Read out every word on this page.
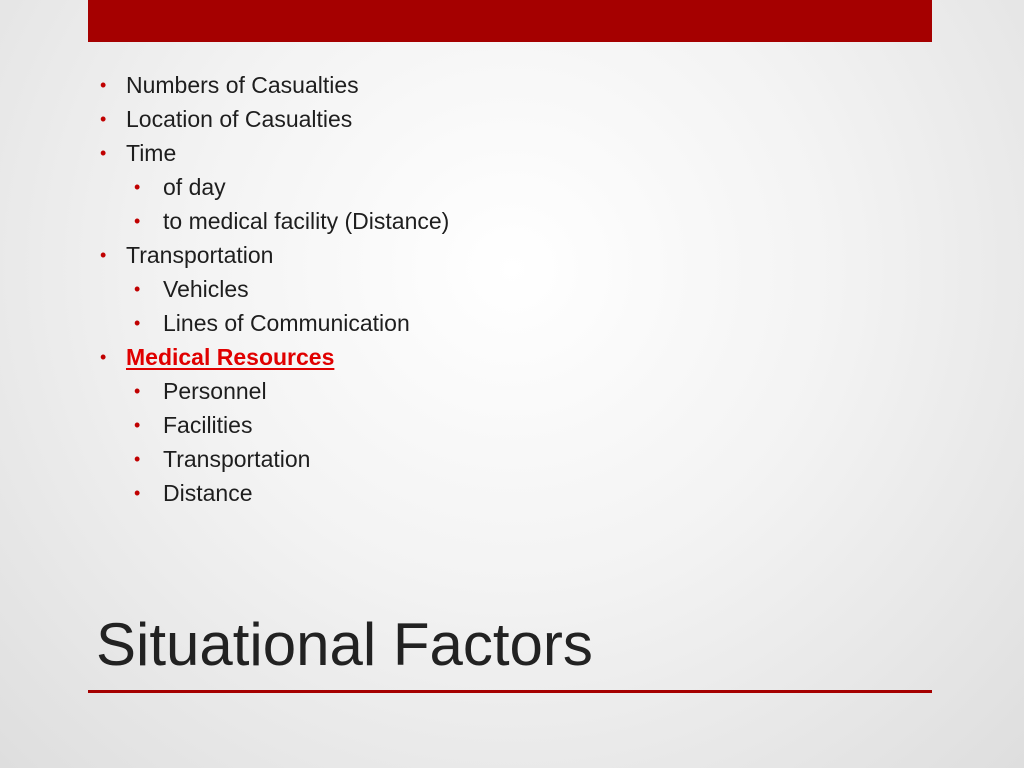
• Numbers of Casualties
• Location of Casualties
• Time
• of day
• to medical facility (Distance)
• Transportation
• Vehicles
• Lines of Communication
• Medical Resources
• Personnel
• Facilities
• Transportation
• Distance
Situational Factors
